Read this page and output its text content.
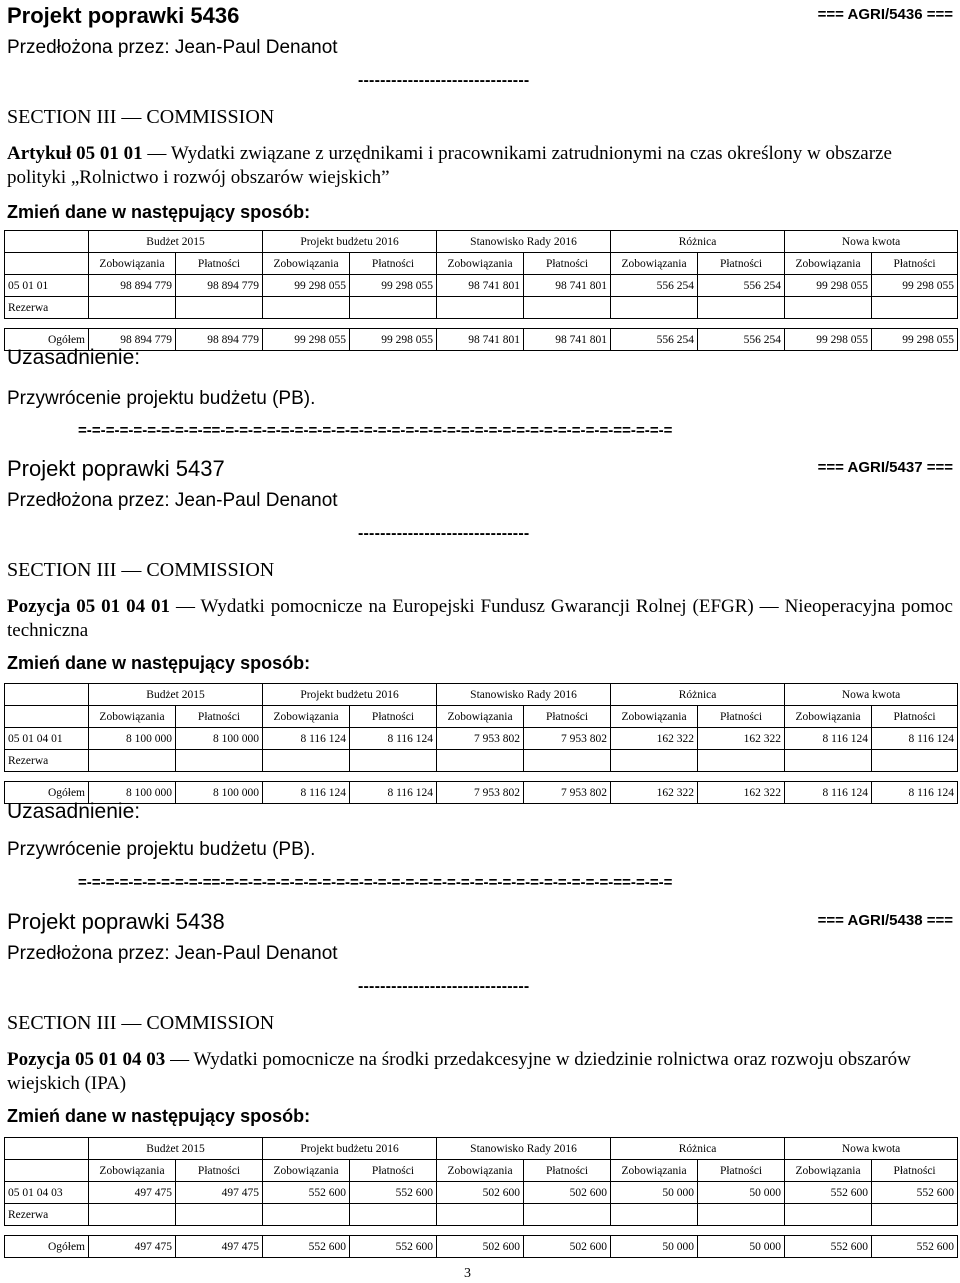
Projekt poprawki 5436	=== AGRI/5436 ===
Przedłożona przez: Jean-Paul Denanot
-------------------------------
SECTION III — COMMISSION
Artykuł 05 01 01 — Wydatki związane z urzędnikami i pracownikami zatrudnionymi na czas określony w obszarze polityki „Rolnictwo i rozwój obszarów wiejskich”
Zmień dane w następujący sposób:
	Budżet 2015		Projekt budżetu 2016		Stanowisko Rady 2016		Różnica		Nowa kwota	
	Zobowiązania	Płatności	Zobowiązania	Płatności	Zobowiązania	Płatności	Zobowiązania	Płatności	Zobowiązania	Płatności
05 01 01	98 894 779	98 894 779	99 298 055	99 298 055	98 741 801	98 741 801	556 254	556 254	99 298 055	99 298 055
Rezerwa										

Ogółem	98 894 779	98 894 779	99 298 055	99 298 055	98 741 801	98 741 801	556 254	556 254	99 298 055	99 298 055
Uzasadnienie:
Przywrócenie projektu budżetu (PB).
=-=-=-=-=-=-=-=-=-==-=-=-=-=-=-=-=-=-=-=-=-=-=-=-=-=-=-=-=-=-=-=-=-=-=-=-=-=-==-=-=-=
Projekt poprawki 5437	=== AGRI/5437 ===
Przedłożona przez: Jean-Paul Denanot
-------------------------------
SECTION III — COMMISSION
Pozycja 05 01 04 01 — Wydatki pomocnicze na Europejski Fundusz Gwarancji Rolnej (EFGR) — Nieoperacyjna pomoc techniczna
Zmień dane w następujący sposób:
	Budżet 2015		Projekt budżetu 2016		Stanowisko Rady 2016		Różnica		Nowa kwota	
	Zobowiązania	Płatności	Zobowiązania	Płatności	Zobowiązania	Płatności	Zobowiązania	Płatności	Zobowiązania	Płatności
05 01 04 01	8 100 000	8 100 000	8 116 124	8 116 124	7 953 802	7 953 802	162 322	162 322	8 116 124	8 116 124
Rezerwa										

Ogółem	8 100 000	8 100 000	8 116 124	8 116 124	7 953 802	7 953 802	162 322	162 322	8 116 124	8 116 124
Uzasadnienie:
Przywrócenie projektu budżetu (PB).
=-=-=-=-=-=-=-=-=-==-=-=-=-=-=-=-=-=-=-=-=-=-=-=-=-=-=-=-=-=-=-=-=-=-=-=-=-=-==-=-=-=
Projekt poprawki 5438	=== AGRI/5438 ===
Przedłożona przez: Jean-Paul Denanot
-------------------------------
SECTION III — COMMISSION
Pozycja 05 01 04 03 — Wydatki pomocnicze na środki przedakcesyjne w dziedzinie rolnictwa oraz rozwoju obszarów wiejskich (IPA)
Zmień dane w następujący sposób:
	Budżet 2015		Projekt budżetu 2016		Stanowisko Rady 2016		Różnica		Nowa kwota	
	Zobowiązania	Płatności	Zobowiązania	Płatności	Zobowiązania	Płatności	Zobowiązania	Płatności	Zobowiązania	Płatności
05 01 04 03	497 475	497 475	552 600	552 600	502 600	502 600	50 000	50 000	552 600	552 600
Rezerwa										

Ogółem	497 475	497 475	552 600	552 600	502 600	502 600	50 000	50 000	552 600	552 600
3
